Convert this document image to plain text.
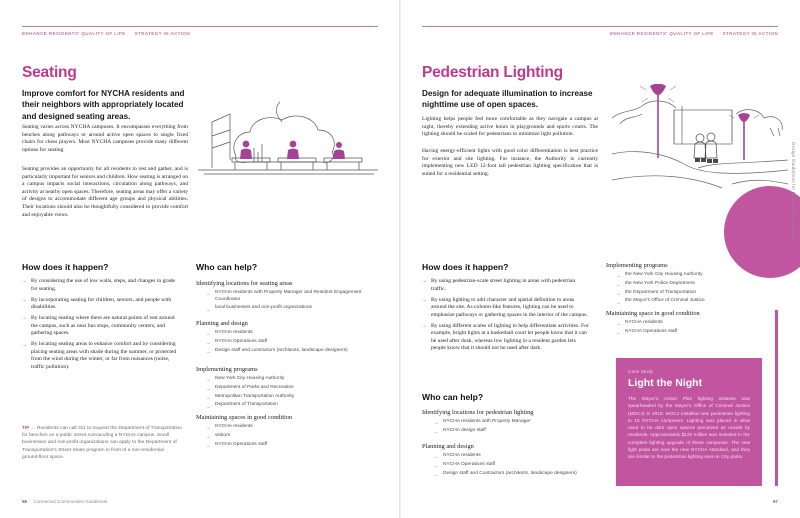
ENHANCE RESIDENTS' QUALITY OF LIFE STRATEGY IN ACTION
Seating
Improve comfort for NYCHA residents and their neighbors with appropriately located and designed seating areas.
Seating varies across NYCHA campuses. It encompasses everything from benches along pathways or around active open spaces to single fixed chairs for chess players. Most NYCHA campuses provide many different options for seating.
Seating provides an opportunity for all residents to rest and gather, and is particularly important for seniors and children. How seating is arranged on a campus impacts social interactions, circulation along pathways, and activity at nearby open spaces. Therefore, seating areas may offer a variety of designs to accommodate different age groups and physical abilities. Their locations should also be thoughtfully considered to provide comfort and enjoyable views.
How does it happen?
→ By considering the use of low walls, steps, and changes in grade for seating.
→ By incorporating seating for children, seniors, and people with disabilities.
→ By locating seating where there are natural points of rest around the campus, such as near bus stops, community centers, and gathering spaces.
→ By locating seating areas to enhance comfort and by considering placing seating areas with shade during the summer, or protected from the wind during the winter, or far from nuisances (noise, traffic pollution).
TIP → Residents can call 311 to request the Department of Transportation for benches on a public street surrounding a NYCHA campus. Small businesses and non-profit organizations can apply to the Department of Transportation's Street Seats program in front of a non-residential ground-floor space.
Who can help?
Identifying locations for seating areas
→ NYCHA residents with Property Manager and Resident Engagement Coordinator
→ local businesses and non-profit organizations
Planning and design
→ NYCHA residents
→ NYCHA Operations staff
→ Design staff and contractors (architects, landscape designers)
Implementing programs
→ New York City Housing Authority
→ Department of Parks and Recreation
→ Metropolitan Transportation Authority
→ Department of Transportation
Maintaining spaces in good condition
→ NYCHA residents
→ visitors
→ NYCHA Operations staff
96 Connected Communities Guidebook
ENHANCE RESIDENTS' QUALITY OF LIFE STRATEGY IN ACTION
Pedestrian Lighting
Design for adequate illumination to increase nighttime use of open spaces.
Lighting helps people feel more comfortable as they navigate a campus at night, thereby extending active hours in playgrounds and sports courts. The lighting should be scaled for pedestrians to minimize light pollution.
Having energy-efficient lights with good color differentiation is best practice for exterior and site lighting. For instance, the Authority is currently implementing new LED 12-foot tall pedestrian lighting specification that is suited for a residential setting.
How does it happen?
→ By using pedestrian-scale street lighting in areas with pedestrian traffic.
→ By using lighting to add character and spatial definition to areas around the site. As column-like features, lighting can be used to emphasize pathways or gathering spaces in the interior of the campus.
→ By using different scales of lighting to help differentiate activities. For example, bright lights at a basketball court let people know that it can be used after dusk, whereas low lighting in a resident garden lets people know that it should not be used after dark.
Who can help?
Identifying locations for pedestrian lighting
→ NYCHA residents with Property Manager
→ NYCHA design staff
Planning and design
→ NYCHA residents
→ NYCHA Operations staff
→ Design staff and Contractors (architects, landscape designers)
Implementing programs
→ the New York City Housing Authority
→ the New York Police Department
→ the Department of Transportation
→ the Mayor's Office of Criminal Justice
Maintaining space in good condition
→ NYCHA residents
→ NYCHA Operations staff
Case Study
Light the Night
The Mayor's Action Plan lighting initiative was spearheaded by the Mayor's Office of Criminal Justice (MOCJ) in 2015. MOCJ installed new pedestrian lighting in 15 NYCHA campuses. Lighting was placed in what used to be dark open spaces perceived as unsafe by residents. Approximately $120 million was invested in the complete lighting upgrade of these campuses. The new light posts are now the new NYCHA standard, and they are similar to the pedestrian lighting seen in City parks.
Design Guidelines for NYCHA Open Spaces
97
